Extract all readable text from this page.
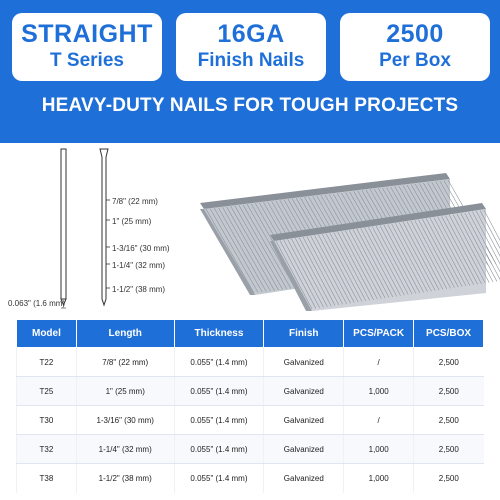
STRAIGHT
T Series
16GA
Finish Nails
2500
Per Box
HEAVY-DUTY NAILS FOR TOUGH PROJECTS
7/8" (22 mm)
1" (25 mm)
1-3/16" (30 mm)
1-1/4" (32 mm)
1-1/2" (38 mm)
0.063" (1.6 mm)
Model	Length	Thickness	Finish	PCS/PACK	PCS/BOX
T22	7/8" (22 mm)	0.055" (1.4 mm)	Galvanized	/	2,500
T25	1" (25 mm)	0.055" (1.4 mm)	Galvanized	1,000	2,500
T30	1-3/16" (30 mm)	0.055" (1.4 mm)	Galvanized	/	2,500
T32	1-1/4" (32 mm)	0.055" (1.4 mm)	Galvanized	1,000	2,500
T38	1-1/2" (38 mm)	0.055" (1.4 mm)	Galvanized	1,000	2,500
